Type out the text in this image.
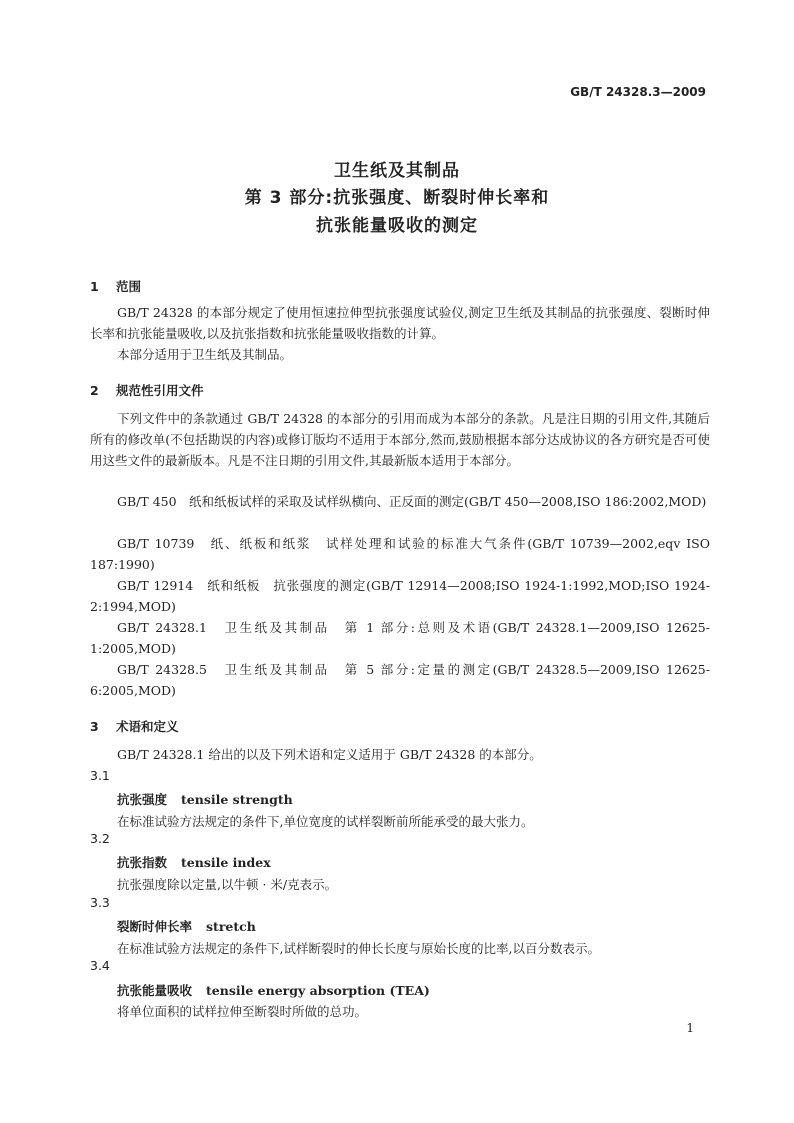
GB/T 24328.3—2009
卫生纸及其制品
第 3 部分:抗张强度、断裂时伸长率和
抗张能量吸收的测定
1 范围
GB/T 24328 的本部分规定了使用恒速拉伸型抗张强度试验仪,测定卫生纸及其制品的抗张强度、裂断时伸长率和抗张能量吸收,以及抗张指数和抗张能量吸收指数的计算。
本部分适用于卫生纸及其制品。
2 规范性引用文件
下列文件中的条款通过 GB/T 24328 的本部分的引用而成为本部分的条款。凡是注日期的引用文件,其随后所有的修改单(不包括勘误的内容)或修订版均不适用于本部分,然而,鼓励根据本部分达成协议的各方研究是否可使用这些文件的最新版本。凡是不注日期的引用文件,其最新版本适用于本部分。
GB/T 450　纸和纸板试样的采取及试样纵横向、正反面的测定(GB/T 450—2008,ISO 186:2002,MOD)
GB/T 10739　纸、纸板和纸浆　试样处理和试验的标准大气条件(GB/T 10739—2002,eqv ISO 187:1990)
GB/T 12914　纸和纸板　抗张强度的测定(GB/T 12914—2008;ISO 1924-1:1992,MOD;ISO 1924-2:1994,MOD)
GB/T 24328.1　卫生纸及其制品　第 1 部分:总则及术语(GB/T 24328.1—2009,ISO 12625-1:2005,MOD)
GB/T 24328.5　卫生纸及其制品　第 5 部分:定量的测定(GB/T 24328.5—2009,ISO 12625-6:2005,MOD)
3 术语和定义
GB/T 24328.1 给出的以及下列术语和定义适用于 GB/T 24328 的本部分。
3.1
抗张强度 tensile strength
在标准试验方法规定的条件下,单位宽度的试样裂断前所能承受的最大张力。
3.2
抗张指数 tensile index
抗张强度除以定量,以牛顿 · 米/克表示。
3.3
裂断时伸长率 stretch
在标准试验方法规定的条件下,试样断裂时的伸长长度与原始长度的比率,以百分数表示。
3.4
抗张能量吸收 tensile energy absorption (TEA)
将单位面积的试样拉伸至断裂时所做的总功。
1
